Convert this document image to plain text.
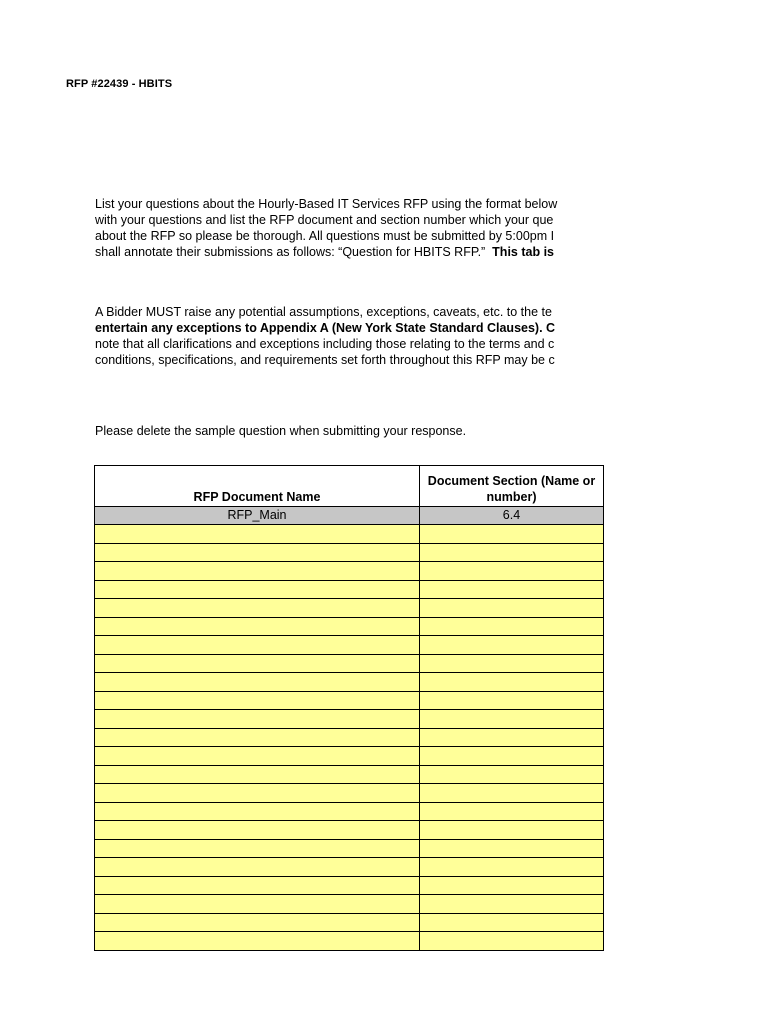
RFP #22439 - HBITS
List your questions about the Hourly-Based IT Services RFP using the format below
with your questions and list the RFP document and section number which your que
about the RFP so please be thorough. All questions must be submitted by 5:00pm I
shall annotate their submissions as follows: “Question for HBITS RFP.” This tab is
A Bidder MUST raise any potential assumptions, exceptions, caveats, etc. to the te
entertain any exceptions to Appendix A (New York State Standard Clauses). C
note that all clarifications and exceptions including those relating to the terms and c
conditions, specifications, and requirements set forth throughout this RFP may be c
Please delete the sample question when submitting your response.
RFP Document Name
Document Section (Name or number)
RFP_Main	6.4
